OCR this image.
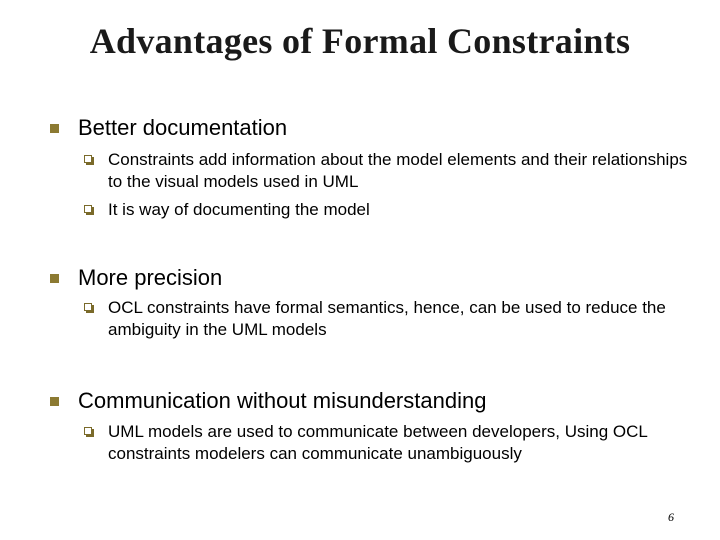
Advantages of Formal Constraints
Better documentation
Constraints add information about the model elements and their relationships to the visual models used in UML
It is way of documenting the model
More precision
OCL constraints have formal semantics, hence, can be used to reduce the ambiguity in the UML models
Communication without misunderstanding
UML models are used to communicate between developers, Using OCL constraints modelers can communicate unambiguously
6
